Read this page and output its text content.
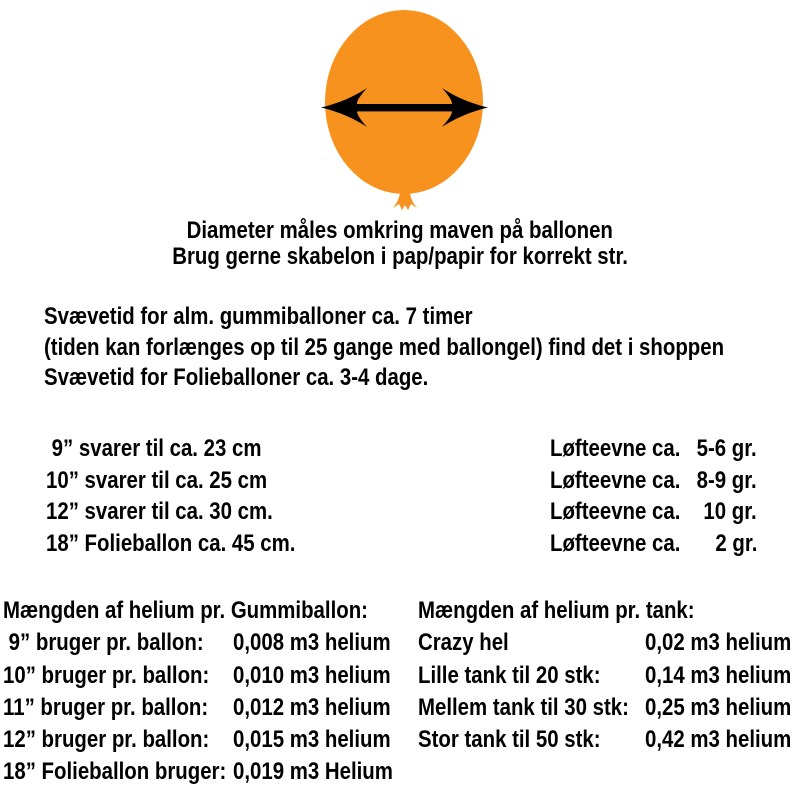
Diameter måles omkring maven på ballonen
Brug gerne skabelon i pap/papir for korrekt str.
Svævetid for alm. gummiballoner ca. 7 timer
(tiden kan forlænges op til 25 gange med ballongel) find det i shoppen
Svævetid for Folieballoner ca. 3-4 dage.
9” svarer til ca. 23 cm	Løfteevne ca. 5-6 gr.
10” svarer til ca. 25 cm	Løfteevne ca. 8-9 gr.
12” svarer til ca. 30 cm.	Løfteevne ca. 10 gr.
18” Folieballon ca. 45 cm.	Løfteevne ca.	2 gr.
Mængden af helium pr. Gummiballon:
9” bruger pr. ballon: 0,008 m3 helium
10” bruger pr. ballon: 0,010 m3 helium
11” bruger pr. ballon: 0,012 m3 helium
12” bruger pr. ballon: 0,015 m3 helium
18” Folieballon bruger: 0,019 m3 Helium
Mængden af helium pr. tank:
Crazy hel	0,02 m3 helium
Lille tank til 20 stk: 0,14 m3 helium
Mellem tank til 30 stk: 0,25 m3 helium
Stor tank til 50 stk: 0,42 m3 helium
